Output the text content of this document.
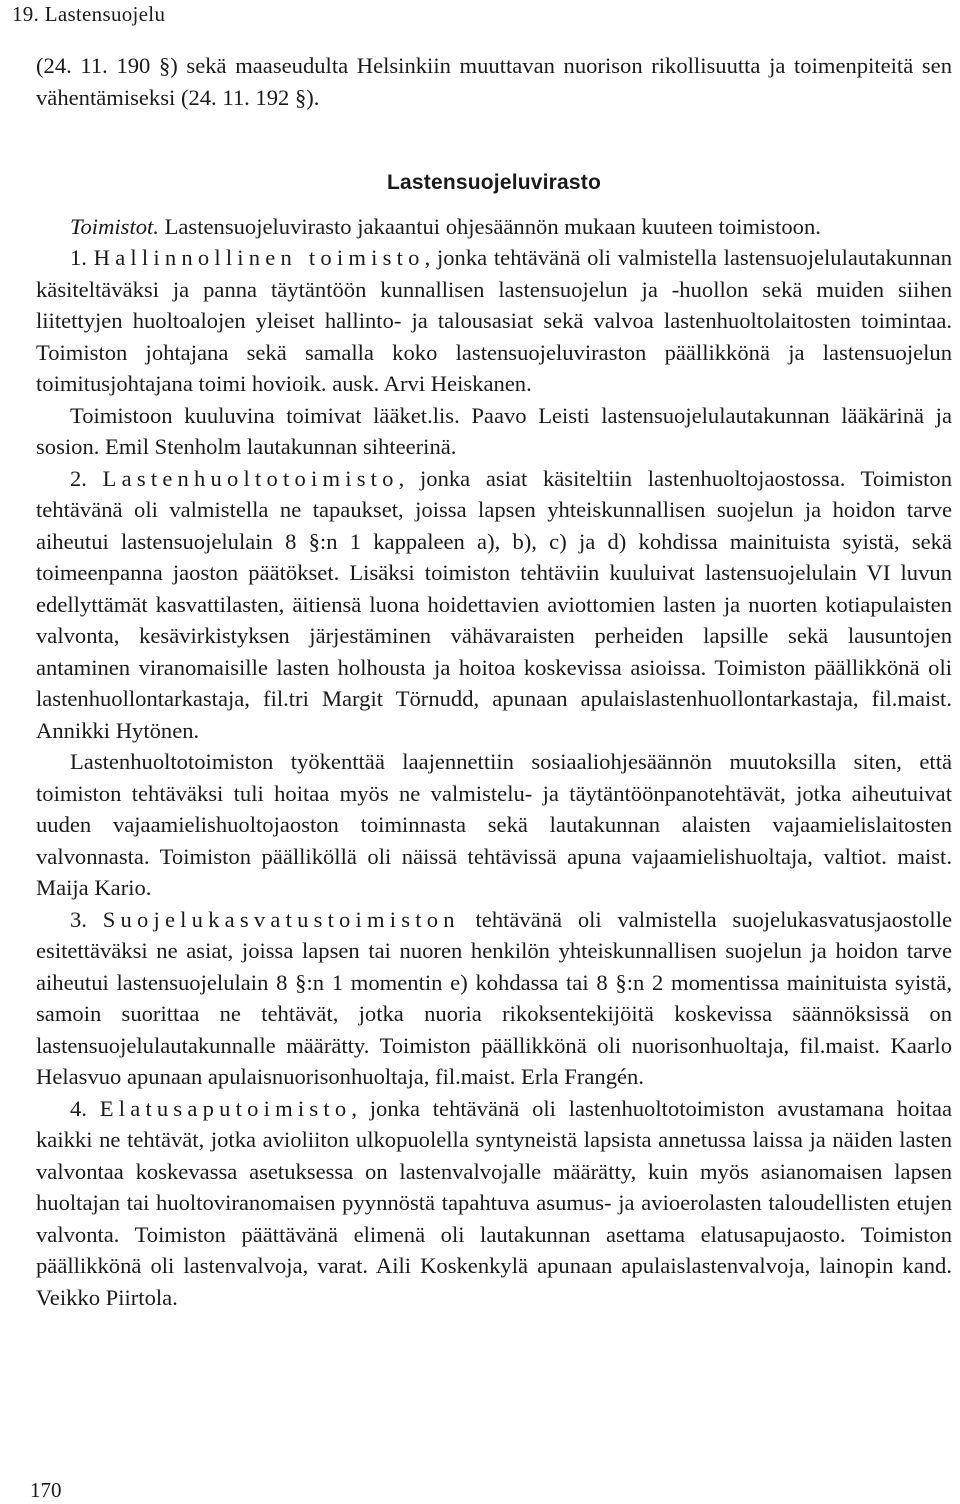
19. Lastensuojelu

(24. 11. 190 §) sekä maaseudulta Helsinkiin muuttavan nuorison rikollisuutta ja toimenpiteitä sen vähentämiseksi (24. 11. 192 §).

Lastensuojeluvirasto

Toimistot. Lastensuojeluvirasto jakaantui ohjesäännön mukaan kuuteen toimistoon.

1. Hallinnollinen toimisto, jonka tehtävänä oli valmistella lastensuojelulautakunnan käsiteltäväksi ja panna täytäntöön kunnallisen lastensuojelun ja -huollon sekä muiden siihen liitettyjen huoltoalojen yleiset hallinto- ja talousasiat sekä valvoa lastenhuoltolaitosten toimintaa. Toimiston johtajana sekä samalla koko lastensuojeluviraston päällikkönä ja lastensuojelun toimitusjohtajana toimi hovioik. ausk. Arvi Heiskanen.

Toimistoon kuuluvina toimivat lääket.lis. Paavo Leisti lastensuojelulautakunnan lääkärinä ja sosion. Emil Stenholm lautakunnan sihteerinä.

2. Lastenhuoltotoimisto, jonka asiat käsiteltiin lastenhuoltojaostossa. Toimiston tehtävänä oli valmistella ne tapaukset, joissa lapsen yhteiskunnallisen suojelun ja hoidon tarve aiheutui lastensuojelulain 8 §:n 1 kappaleen a), b), c) ja d) kohdissa mainituista syistä, sekä toimeenpanna jaoston päätökset. Lisäksi toimiston tehtäviin kuuluivat lastensuojelulain VI luvun edellyttämät kasvattilasten, äitiensä luona hoidettavien aviottomien lasten ja nuorten kotiapulaisten valvonta, kesävirkistyksen järjestäminen vähävaraisten perheiden lapsille sekä lausuntojen antaminen viranomaisille lasten holhousta ja hoitoa koskevissa asioissa. Toimiston päällikkönä oli lastenhuollontarkastaja, fil.tri Margit Törnudd, apunaan apulaislastenhuollontarkastaja, fil.maist. Annikki Hytönen.

Lastenhuoltotoimiston työkenttää laajennettiin sosiaaliohjesäännön muutoksilla siten, että toimiston tehtäväksi tuli hoitaa myös ne valmistelu- ja täytäntöönpanotehtävät, jotka aiheutuivat uuden vajaamielishuoltojaoston toiminnasta sekä lautakunnan alaisten vajaamielislaitosten valvonnasta. Toimiston päälliköllä oli näissä tehtävissä apuna vajaamielishuoltaja, valtiot. maist. Maija Kario.

3. Suojelukasvatustoimiston tehtävänä oli valmistella suojelukasvatusjaostolle esitettäväksi ne asiat, joissa lapsen tai nuoren henkilön yhteiskunnallisen suojelun ja hoidon tarve aiheutui lastensuojelulain 8 §:n 1 momentin e) kohdassa tai 8 §:n 2 momentissa mainituista syistä, samoin suorittaa ne tehtävät, jotka nuoria rikoksentekijöitä koskevissa säännöksissä on lastensuojelulautakunnalle määrätty. Toimiston päällikkönä oli nuorisonhuoltaja, fil.maist. Kaarlo Helasvuo apunaan apulaisnuorisonhuoltaja, fil.maist. Erla Frangén.

4. Elatusaputoimisto, jonka tehtävänä oli lastenhuoltotoimiston avustamana hoitaa kaikki ne tehtävät, jotka avioliiton ulkopuolella syntyneistä lapsista annetussa laissa ja näiden lasten valvontaa koskevassa asetuksessa on lastenvalvojalle määrätty, kuin myös asianomaisen lapsen huoltajan tai huoltoviranomaisen pyynnöstä tapahtuva asumus- ja avioerolasten taloudellisten etujen valvonta. Toimiston päättävänä elimenä oli lautakunnan asettama elatusapujaosto. Toimiston päällikkönä oli lastenvalvoja, varat. Aili Koskenkylä apunaan apulaislastenvalvoja, lainopin kand. Veikko Piirtola.

170
